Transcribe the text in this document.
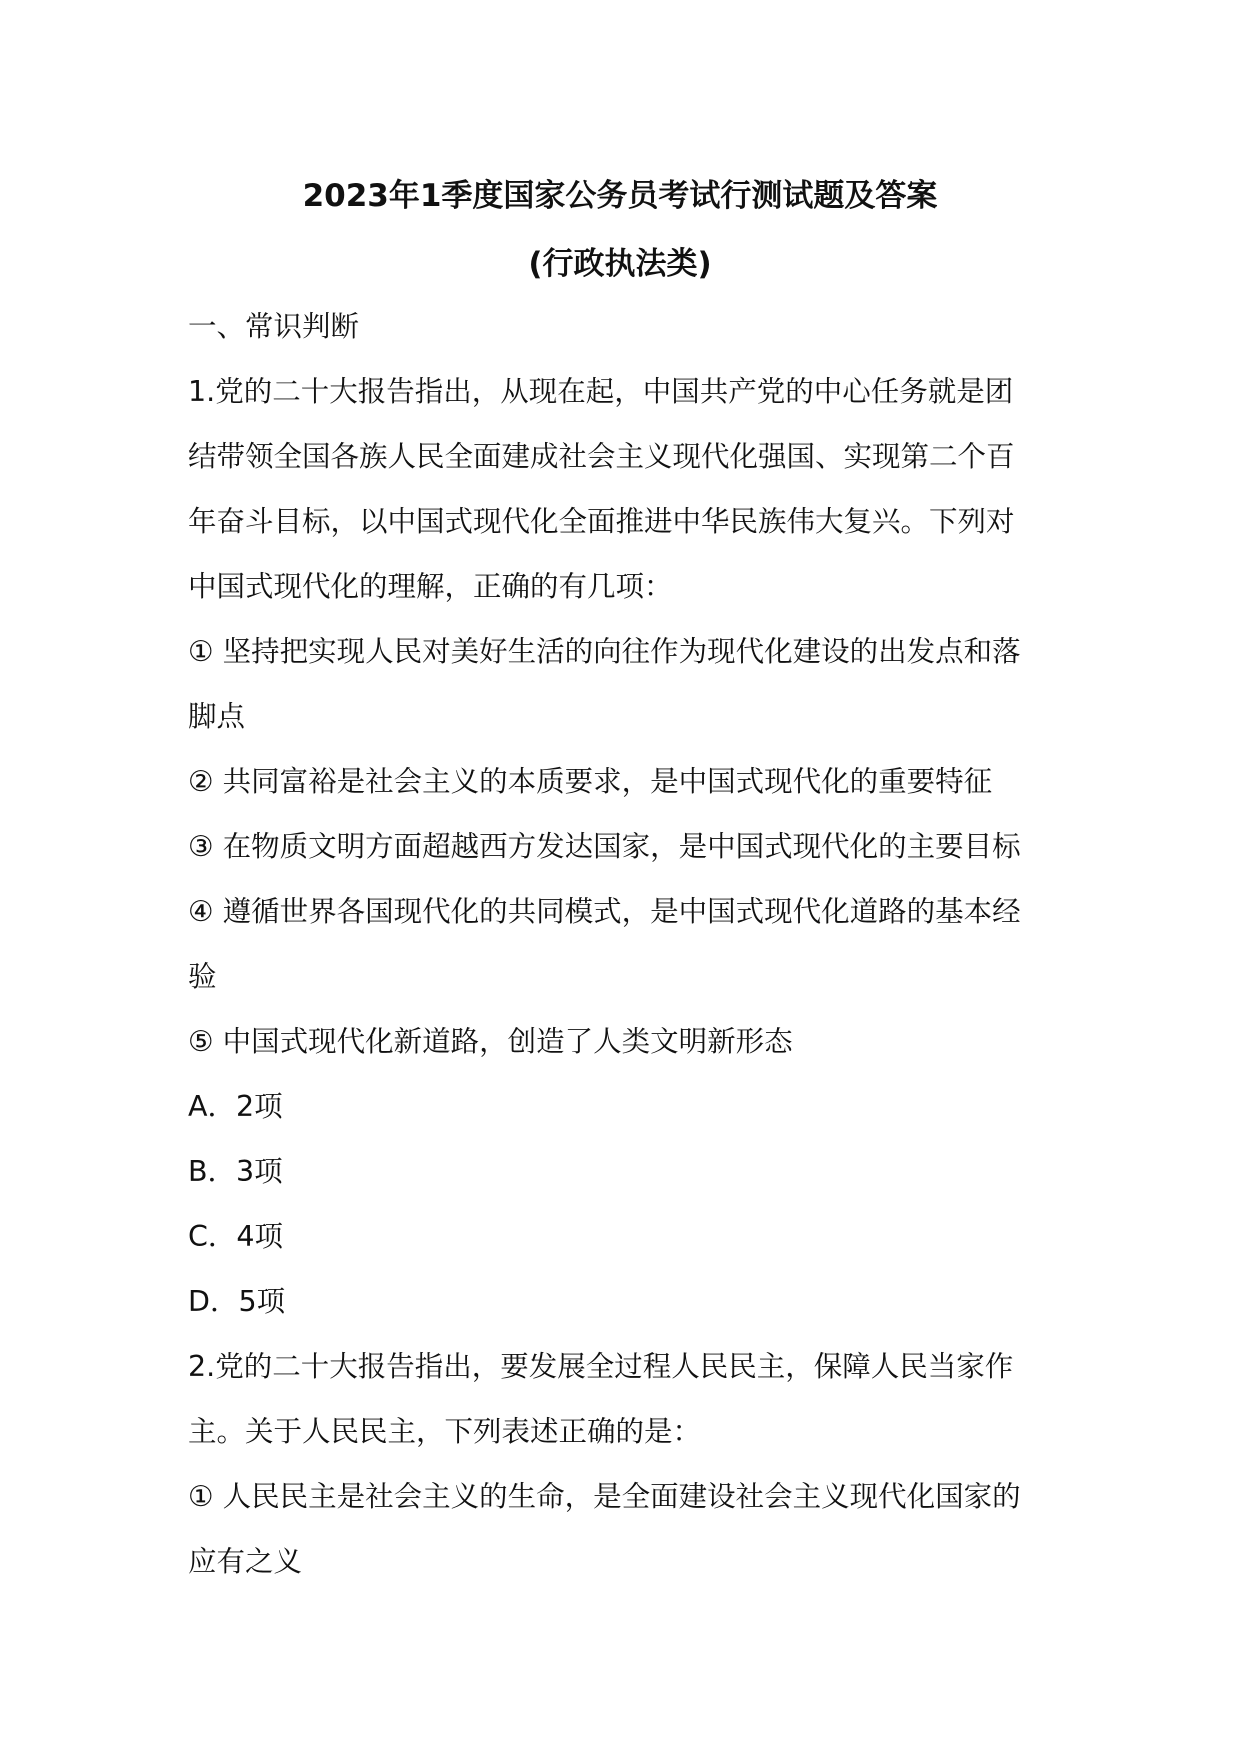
2023年1季度国家公务员考试行测试题及答案
(行政执法类)
一、常识判断
1.党的二十大报告指出，从现在起，中国共产党的中心任务就是团
结带领全国各族人民全面建成社会主义现代化强国、实现第二个百
年奋斗目标，以中国式现代化全面推进中华民族伟大复兴。下列对
中国式现代化的理解，正确的有几项：
① 坚持把实现人民对美好生活的向往作为现代化建设的出发点和落
脚点
② 共同富裕是社会主义的本质要求，是中国式现代化的重要特征
③ 在物质文明方面超越西方发达国家，是中国式现代化的主要目标
④ 遵循世界各国现代化的共同模式，是中国式现代化道路的基本经
验
⑤ 中国式现代化新道路，创造了人类文明新形态
A．2项
B．3项
C．4项
D．5项
2.党的二十大报告指出，要发展全过程人民民主，保障人民当家作
主。关于人民民主，下列表述正确的是：
① 人民民主是社会主义的生命，是全面建设社会主义现代化国家的
应有之义
